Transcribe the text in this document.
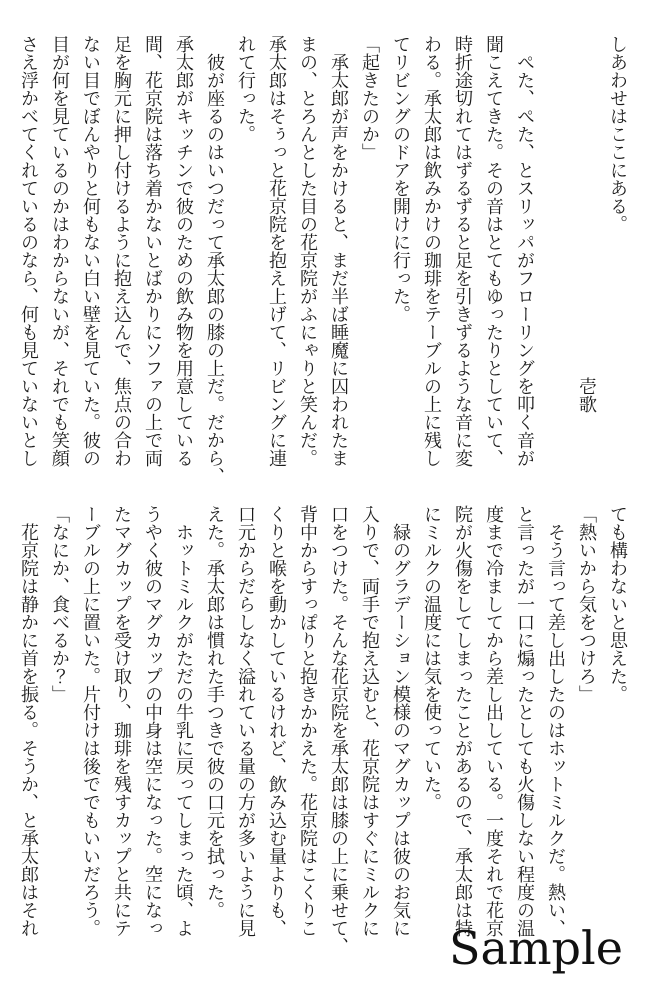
しあわせはここにある。
壱歌
　ぺた、ぺた、とスリッパがフローリングを叩く音が
聞こえてきた。その音はとてもゆったりとしていて、
時折途切れてはずるずると足を引きずるような音に変
わる。承太郎は飲みかけの珈琲をテーブルの上に残し
てリビングのドアを開けに行った。
「起きたのか」
　承太郎が声をかけると、まだ半ば睡魔に囚われたま
まの、とろんとした目の花京院がふにゃりと笑んだ。
承太郎はそぅっと花京院を抱え上げて、リビングに連
れて行った。
　彼が座るのはいつだって承太郎の膝の上だ。だから、
承太郎がキッチンで彼のための飲み物を用意している
間、花京院は落ち着かないとばかりにソファの上で両
足を胸元に押し付けるように抱え込んで、焦点の合わ
ない目でぼんやりと何もない白い壁を見ていた。彼の
目が何を見ているのかはわからないが、それでも笑顔
さえ浮かべてくれているのなら、何も見ていないとし
ても構わないと思えた。
「熱いから気をつけろ」
　そう言って差し出したのはホットミルクだ。熱い、
と言ったが一口に煽ったとしても火傷しない程度の温
度まで冷ましてから差し出している。一度それで花京
院が火傷をしてしまったことがあるので、承太郎は特
にミルクの温度には気を使っていた。
　緑のグラデーション模様のマグカップは彼のお気に
入りで、両手で抱え込むと、花京院はすぐにミルクに
口をつけた。そんな花京院を承太郎は膝の上に乗せて、
背中からすっぽりと抱きかかえた。花京院はこくりこ
くりと喉を動かしているけれど、飲み込む量よりも、
口元からだらしなく溢れている量の方が多いように見
えた。承太郎は慣れた手つきで彼の口元を拭った。
　ホットミルクがただの牛乳に戻ってしまった頃、よ
うやく彼のマグカップの中身は空になった。空になっ
たマグカップを受け取り、珈琲を残すカップと共にテ
ーブルの上に置いた。片付けは後ででもいいだろう。
「なにか、食べるか？」
　花京院は静かに首を振る。そうか、と承太郎はそれ
Sample
